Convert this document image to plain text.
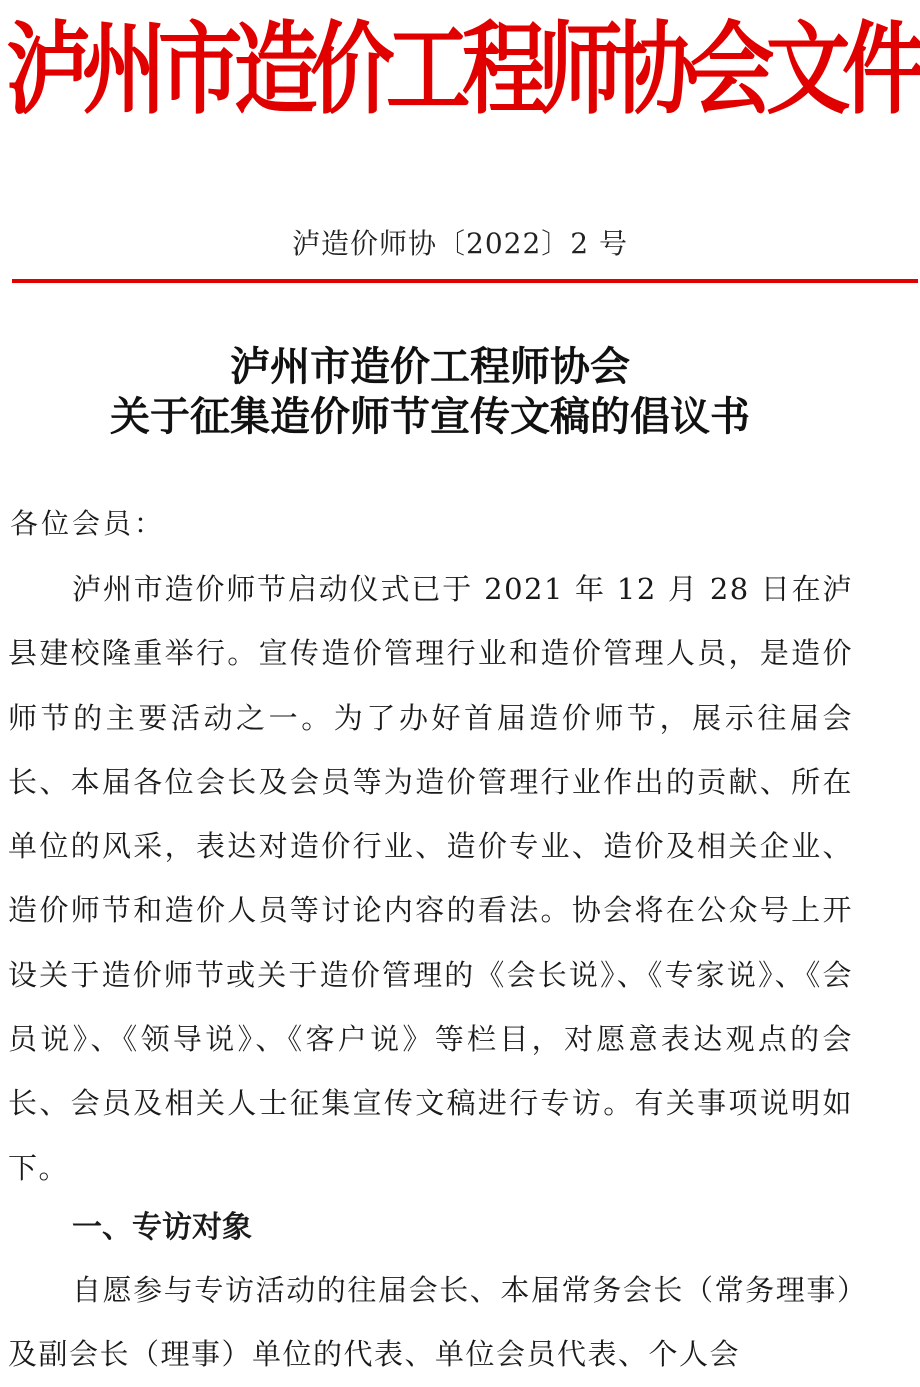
泸州市造价工程师协会文件
泸造价师协〔2022〕2 号
泸州市造价工程师协会
关于征集造价师节宣传文稿的倡议书
各位会员：

泸州市造价师节启动仪式已于 2021 年 12 月 28 日在泸县建校隆重举行。宣传造价管理行业和造价管理人员，是造价师节的主要活动之一。为了办好首届造价师节，展示往届会长、本届各位会长及会员等为造价管理行业作出的贡献、所在单位的风采，表达对造价行业、造价专业、造价及相关企业、造价师节和造价人员等讨论内容的看法。协会将在公众号上开设关于造价师节或关于造价管理的《会长说》、《专家说》、《会员说》、《领导说》、《客户说》等栏目，对愿意表达观点的会长、会员及相关人士征集宣传文稿进行专访。有关事项说明如下。

一、专访对象

自愿参与专访活动的往届会长、本届常务会长（常务理事）及副会长（理事）单位的代表、单位会员代表、个人会
